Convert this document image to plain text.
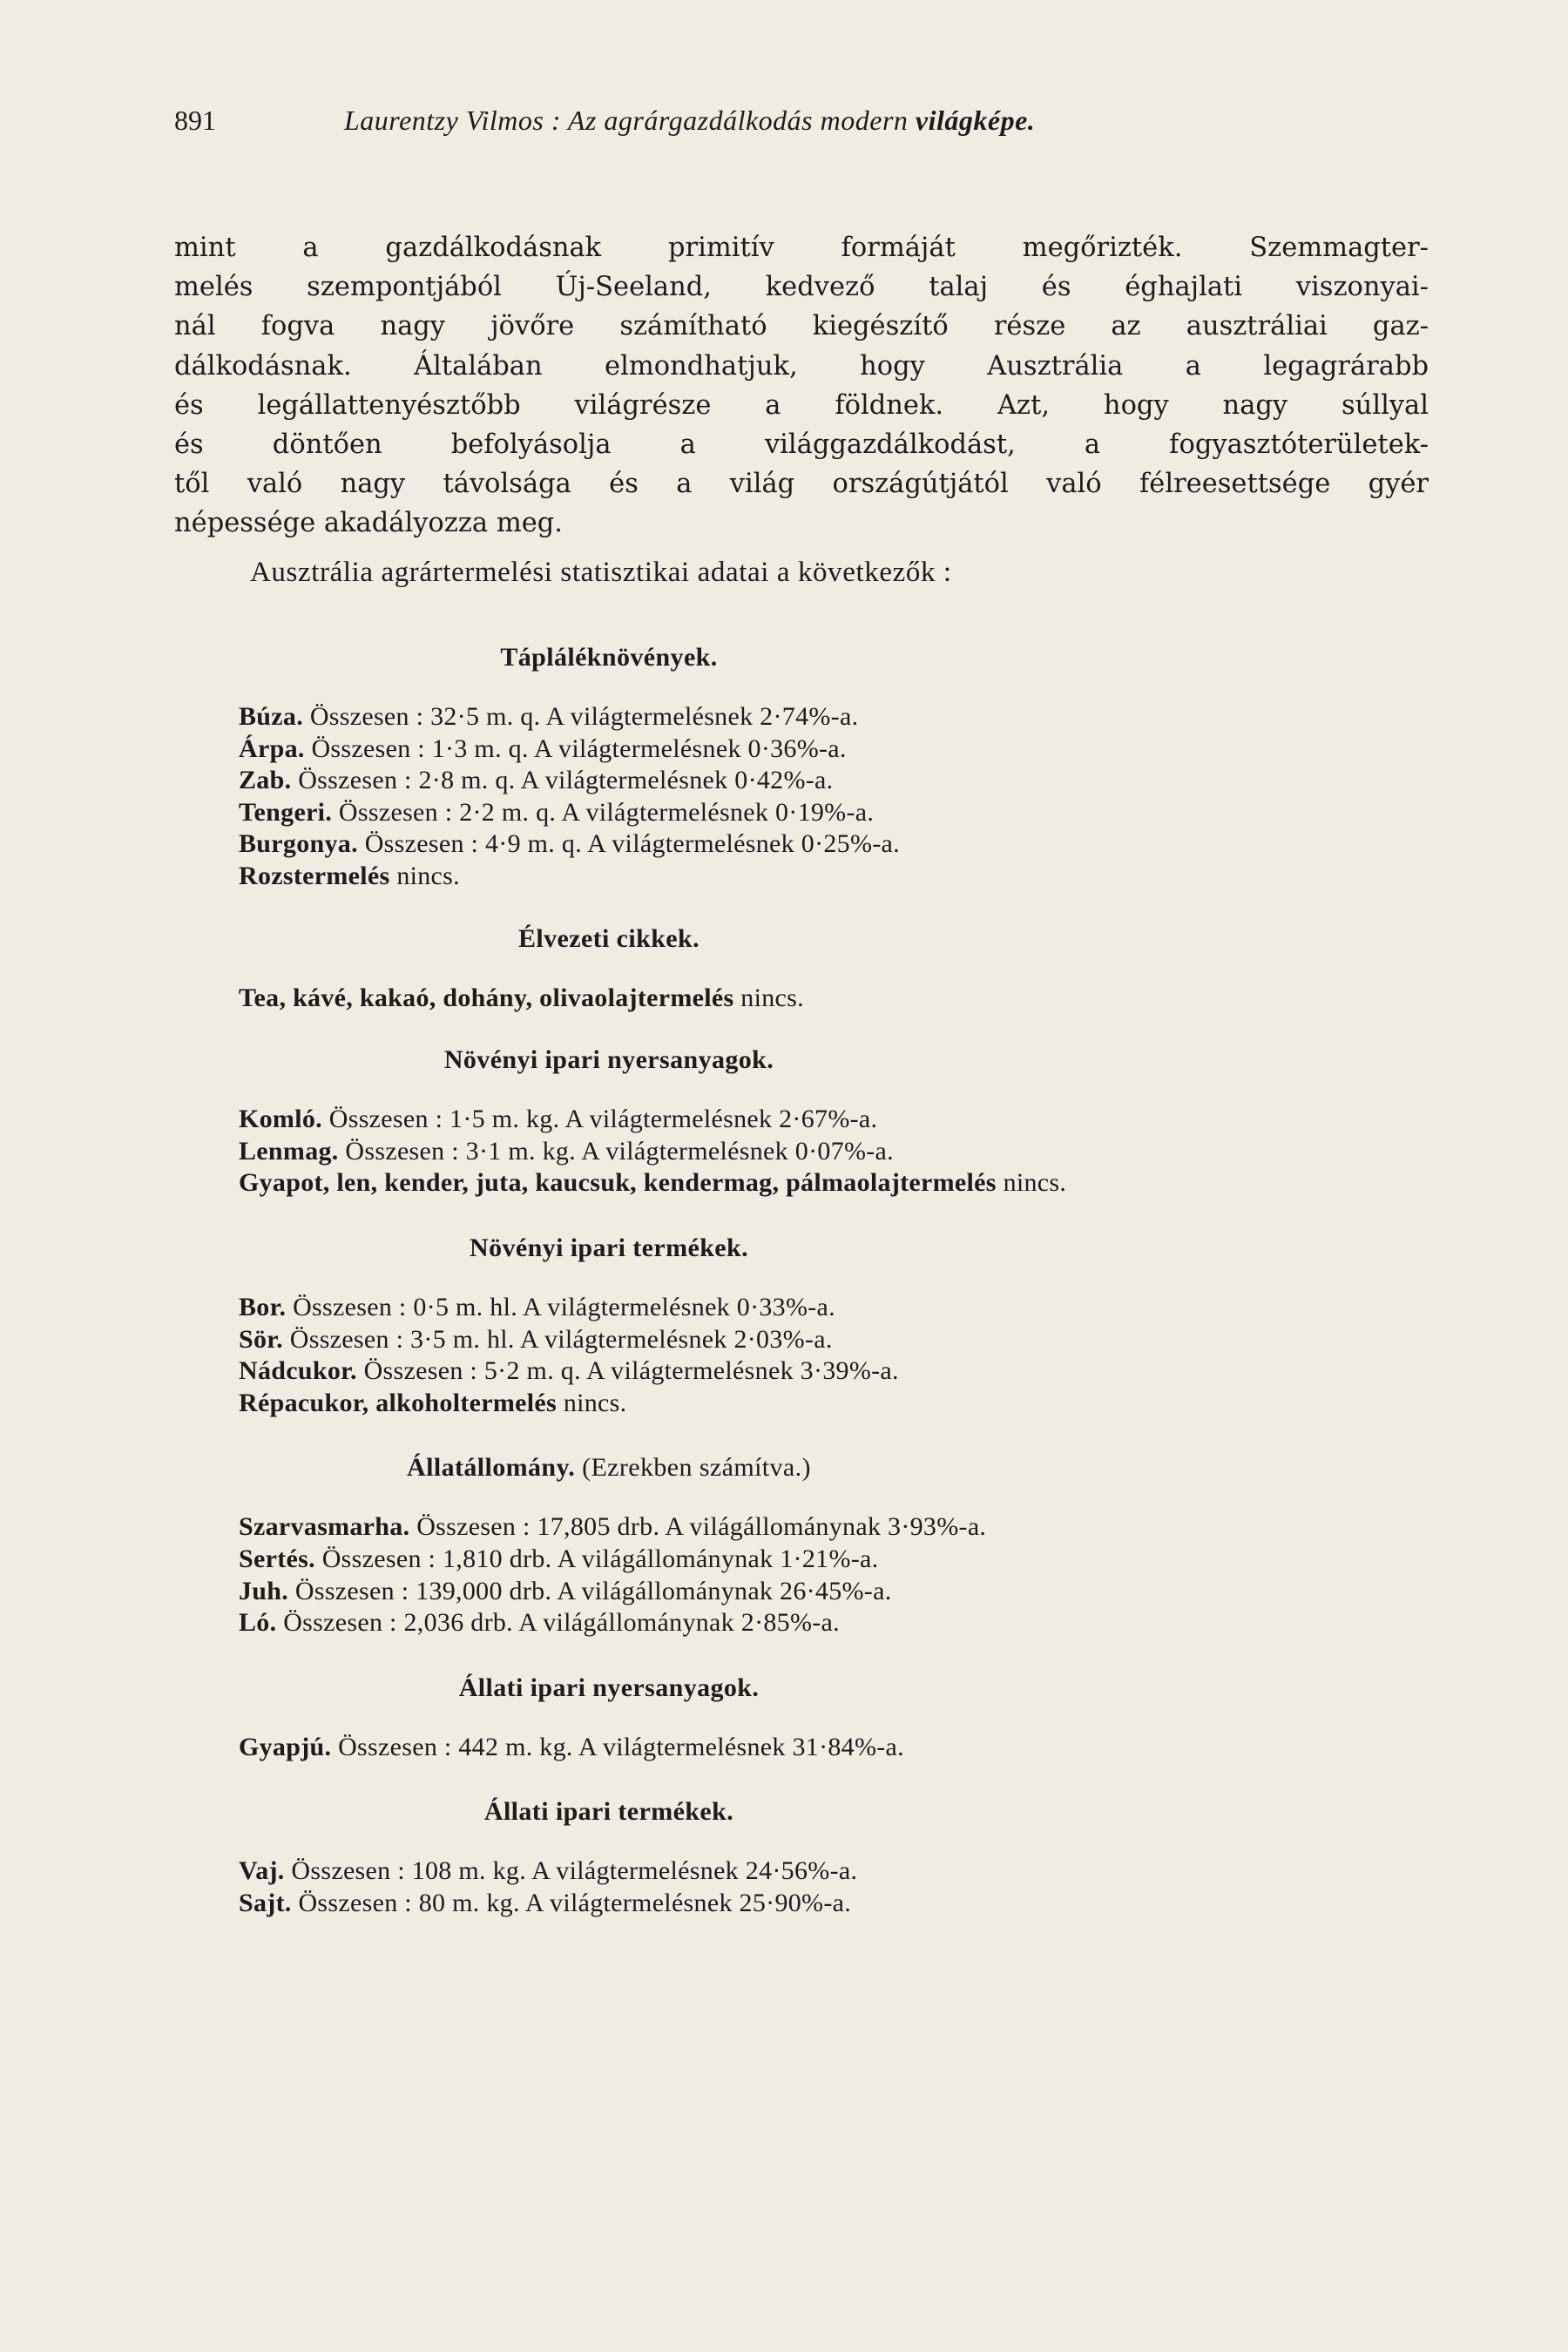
891	Laurentzy Vilmos : Az agrárgazdálkodás modern világképe.
mint a gazdálkodásnak primitív formáját megőrizték. Szemmagter-
melés szempontjából Új-Seeland, kedvező talaj és éghajlati viszonyai-
nál fogva nagy jövőre számítható kiegészítő része az ausztráliai gaz-
dálkodásnak. Általában elmondhatjuk, hogy Ausztrália a legagrárabb
és legállattenyésztőbb világrésze a földnek. Azt, hogy nagy súllyal
és döntően befolyásolja a világgazdálkodást, a fogyasztóterületek-
től való nagy távolsága és a világ országútjától való félreesettsége gyér
népessége akadályozza meg.

Ausztrália agrártermelési statisztikai adatai a következők :

Tápláléknövények.
Búza. Összesen : 32·5 m. q. A világtermelésnek 2·74%-a.
Árpa. Összesen : 1·3 m. q. A világtermelésnek 0·36%-a.
Zab. Összesen : 2·8 m. q. A világtermelésnek 0·42%-a.
Tengeri. Összesen : 2·2 m. q. A világtermelésnek 0·19%-a.
Burgonya. Összesen : 4·9 m. q. A világtermelésnek 0·25%-a.
Rozstermelés nincs.
Élvezeti cikkek.
Tea, kávé, kakaó, dohány, olivaolajtermelés nincs.
Növényi ipari nyersanyagok.
Komló. Összesen : 1·5 m. kg. A világtermelésnek 2·67%-a.
Lenmag. Összesen : 3·1 m. kg. A világtermelésnek 0·07%-a.
Gyapot, len, kender, juta, kaucsuk, kendermag, pálmaolajtermelés nincs.
Növényi ipari termékek.
Bor. Összesen : 0·5 m. hl. A világtermelésnek 0·33%-a.
Sör. Összesen : 3·5 m. hl. A világtermelésnek 2·03%-a.
Nádcukor. Összesen : 5·2 m. q. A világtermelésnek 3·39%-a.
Répacukor, alkoholtermelés nincs.
Állatállomány. (Ezrekben számítva.)
Szarvasmarha. Összesen : 17,805 drb. A világállománynak 3·93%-a.
Sertés. Összesen : 1,810 drb. A világállománynak 1·21%-a.
Juh. Összesen : 139,000 drb. A világállománynak 26·45%-a.
Ló. Összesen : 2,036 drb. A világállománynak 2·85%-a.
Állati ipari nyersanyagok.
Gyapjú. Összesen : 442 m. kg. A világtermelésnek 31·84%-a.
Állati ipari termékek.
Vaj. Összesen : 108 m. kg. A világtermelésnek 24·56%-a.
Sajt. Összesen : 80 m. kg. A világtermelésnek 25·90%-a.
